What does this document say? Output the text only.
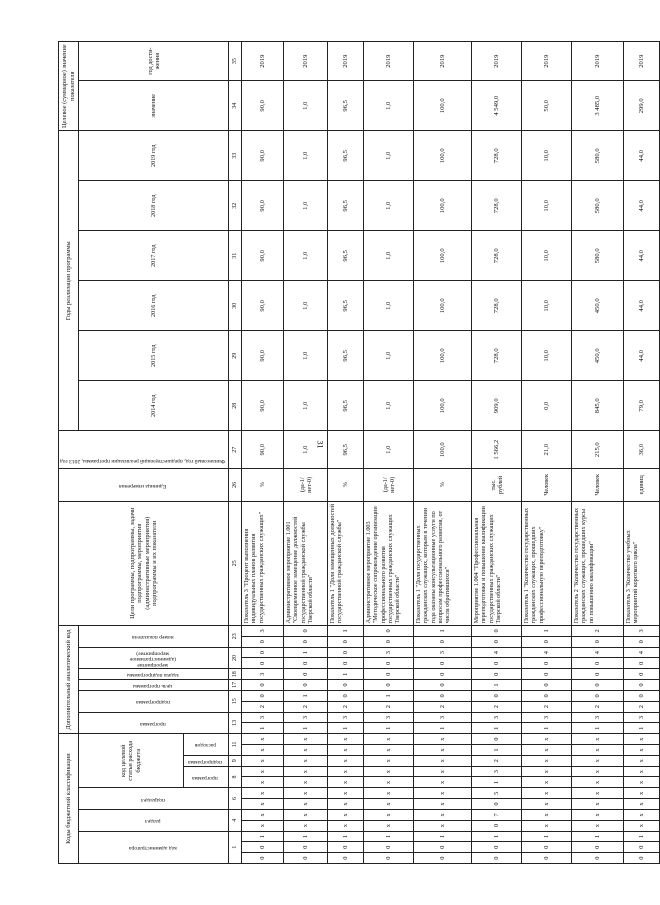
31
Коды бюджетной классификации												Дополнительный аналитический код										Цели программы, подпрограммы, задачи подпрограммы, мероприятия (административные мероприятия) подпрограммы и их показатели	Единица измерения	Финансовый год, предшествующий реализации программы, 2013 год	Годы реализации программы						Целевое (суммарное) значение показателя	
код администратора			раздел		подраздел		код целевой статьи расхода бюджета					программа		подпрограмма		цель программы	задача подпрограммы	мероприятие (административное мероприятие)		номер показателя					2014 год	2015 год	2016 год	2017 год	2018 год	2019 год	значение	год дости-жения
							программа		подпрограмма	расходов																						
1			4		6		8		9	11		13		15		17	18	20		23		25	26	27	28	29	30	31	32	33	34	35
0	0	1	x	x	x	x	x	x	x	x	x	1	3	2	0	0	3	0	0	0	3	Показатель 3 "Процент выполнения индивидуальных планов развития государственных гражданских служащих"	%	90,0	90,0	90,0	90,0	90,0	90,0	90,0	90,0	2019
0	0	1	x	x	x	x	x	x	x	x	x	1	3	2	1	0	0	0	1	0	0	Административное мероприятие 1.001 "Своевременное замещение должностей государственной гражданской службы Тверской области"	(да-1/нет-0)	1,0	1,0	1,0	1,0	1,0	1,0	1,0	1,0	2019
0	0	1	x	x	x	x	x	x	x	x	x	1	3	2	0	0	1	0	0	0	1	Показатель 1 "Доля замещенных должностей государственной гражданской службы"	%	96,5	96,5	96,5	96,5	96,5	96,5	96,5	96,5	2019
0	0	1	x	x	x	x	x	x	x	x	x	1	3	2	1	0	0	0	3	0	0	Административное мероприятие 1.003 "Методическое сопровождение организации профессионального развития государственных гражданских служащих Тверской области"	(да-1/нет-0)	1,0	1,0	1,0	1,0	1,0	1,0	1,0	1,0	2019
0	0	1	x	x	x	x	x	x	x	x	x	1	3	2	0	0	0	0	3	0	1	Показатель 1 "Доля государственных гражданских служащих, которым в течении года оказаны консультационные услуги по вопросам профессионального развития, от числа обратившихся"	%	100,0	100,0	100,0	100,0	100,0	100,0	100,0	100,0	2019
0	0	1	0	7	0	5	1	3	2	1	0	1	3	2	0	1	0	0	4	0	0	Мероприятие 1.004 "Профессиональная переподготовка и повышение квалификации государственных гражданских служащих Тверской области"	тыс. рублей	1 566,2	909,0	728,0	728,0	728,0	728,0	728,0	4 549,0	2019
0	0	1	x	x	x	x	x	x	x	x	x	1	3	2	0	0	0	0	4	0	1	Показатель 1 "Количество государственных гражданских служащих, прошедших профессиональную переподготовку"	Человек	21,0	0,0	10,0	10,0	10,0	10,0	10,0	50,0	2019
0	0	1	x	x	x	x	x	x	x	x	x	1	3	2	0	0	0	0	4	0	2	Показатель 2 "Количество государственных гражданских служащих, прошедших курсы по повышению квалификации"	Человек	215,0	845,0	450,0	450,0	580,0	580,0	580,0	3 485,0	2019
0	0	1	x	x	x	x	x	x	x	x	x	1	3	2	0	0	0	0	4	0	3	Показатель 3 "Количество учебных мероприятий короткого цикла"	единиц	36,0	79,0	44,0	44,0	44,0	44,0	44,0	299,0	2019
